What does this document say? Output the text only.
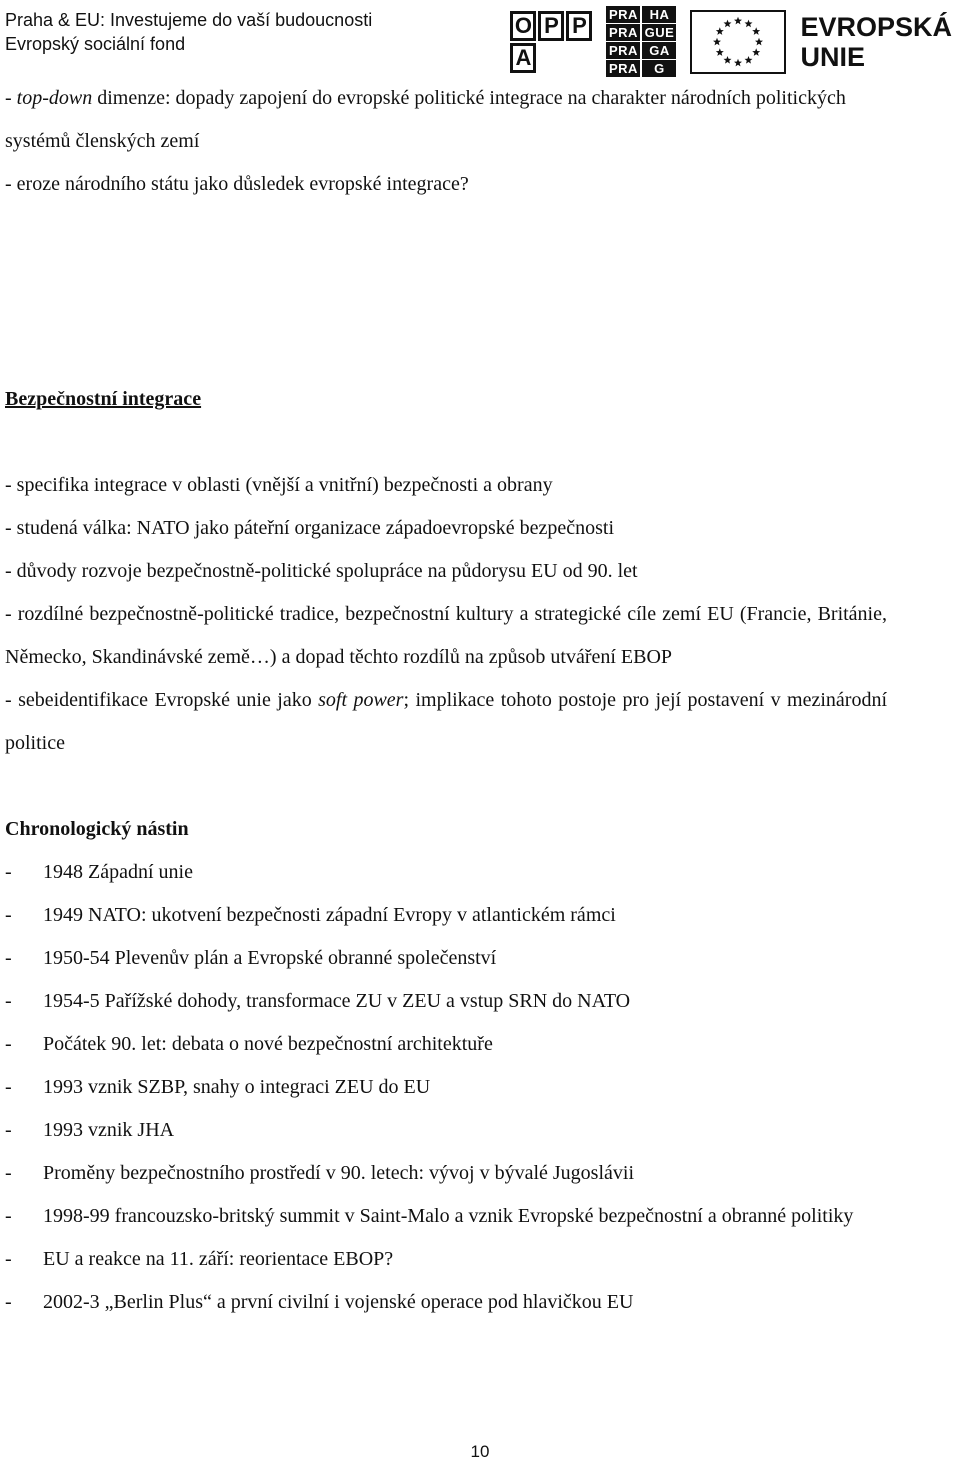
Praha & EU: Investujeme do vaší budoucnosti
Evropský sociální fond
O P P
A
PRA HA
PRA GUE
PRA GA
PRA	G
EVROPSKÁ
UNIE

- top-down dimenze: dopady zapojení do evropské politické integrace na charakter národních politických systémů členských zemí

- eroze národního státu jako důsledek evropské integrace?

Bezpečnostní integrace

- specifika integrace v oblasti (vnější a vnitřní) bezpečnosti a obrany

- studená válka: NATO jako páteřní organizace západoevropské bezpečnosti

- důvody rozvoje bezpečnostně-politické spolupráce na půdorysu EU od 90. let

- rozdílné bezpečnostně-politické tradice, bezpečnostní kultury a strategické cíle zemí EU (Francie, Británie, Německo, Skandinávské země…) a dopad těchto rozdílů na způsob utváření EBOP

- sebeidentifikace Evropské unie jako soft power; implikace tohoto postoje pro její postavení v mezinárodní politice

Chronologický nástin

-	1948 Západní unie
-	1949 NATO: ukotvení bezpečnosti západní Evropy v atlantickém rámci
-	1950-54 Plevenův plán a Evropské obranné společenství
-	1954-5 Pařížské dohody, transformace ZU v ZEU a vstup SRN do NATO
-	Počátek 90. let: debata o nové bezpečnostní architektuře
-	1993 vznik SZBP, snahy o integraci ZEU do EU
-	1993 vznik JHA
-	Proměny bezpečnostního prostředí v 90. letech: vývoj v bývalé Jugoslávii
-	1998-99 francouzsko-britský summit v Saint-Malo a vznik Evropské bezpečnostní a obranné politiky
-	EU a reakce na 11. září: reorientace EBOP?
-	2002-3 „Berlin Plus“ a první civilní i vojenské operace pod hlavičkou EU
10
